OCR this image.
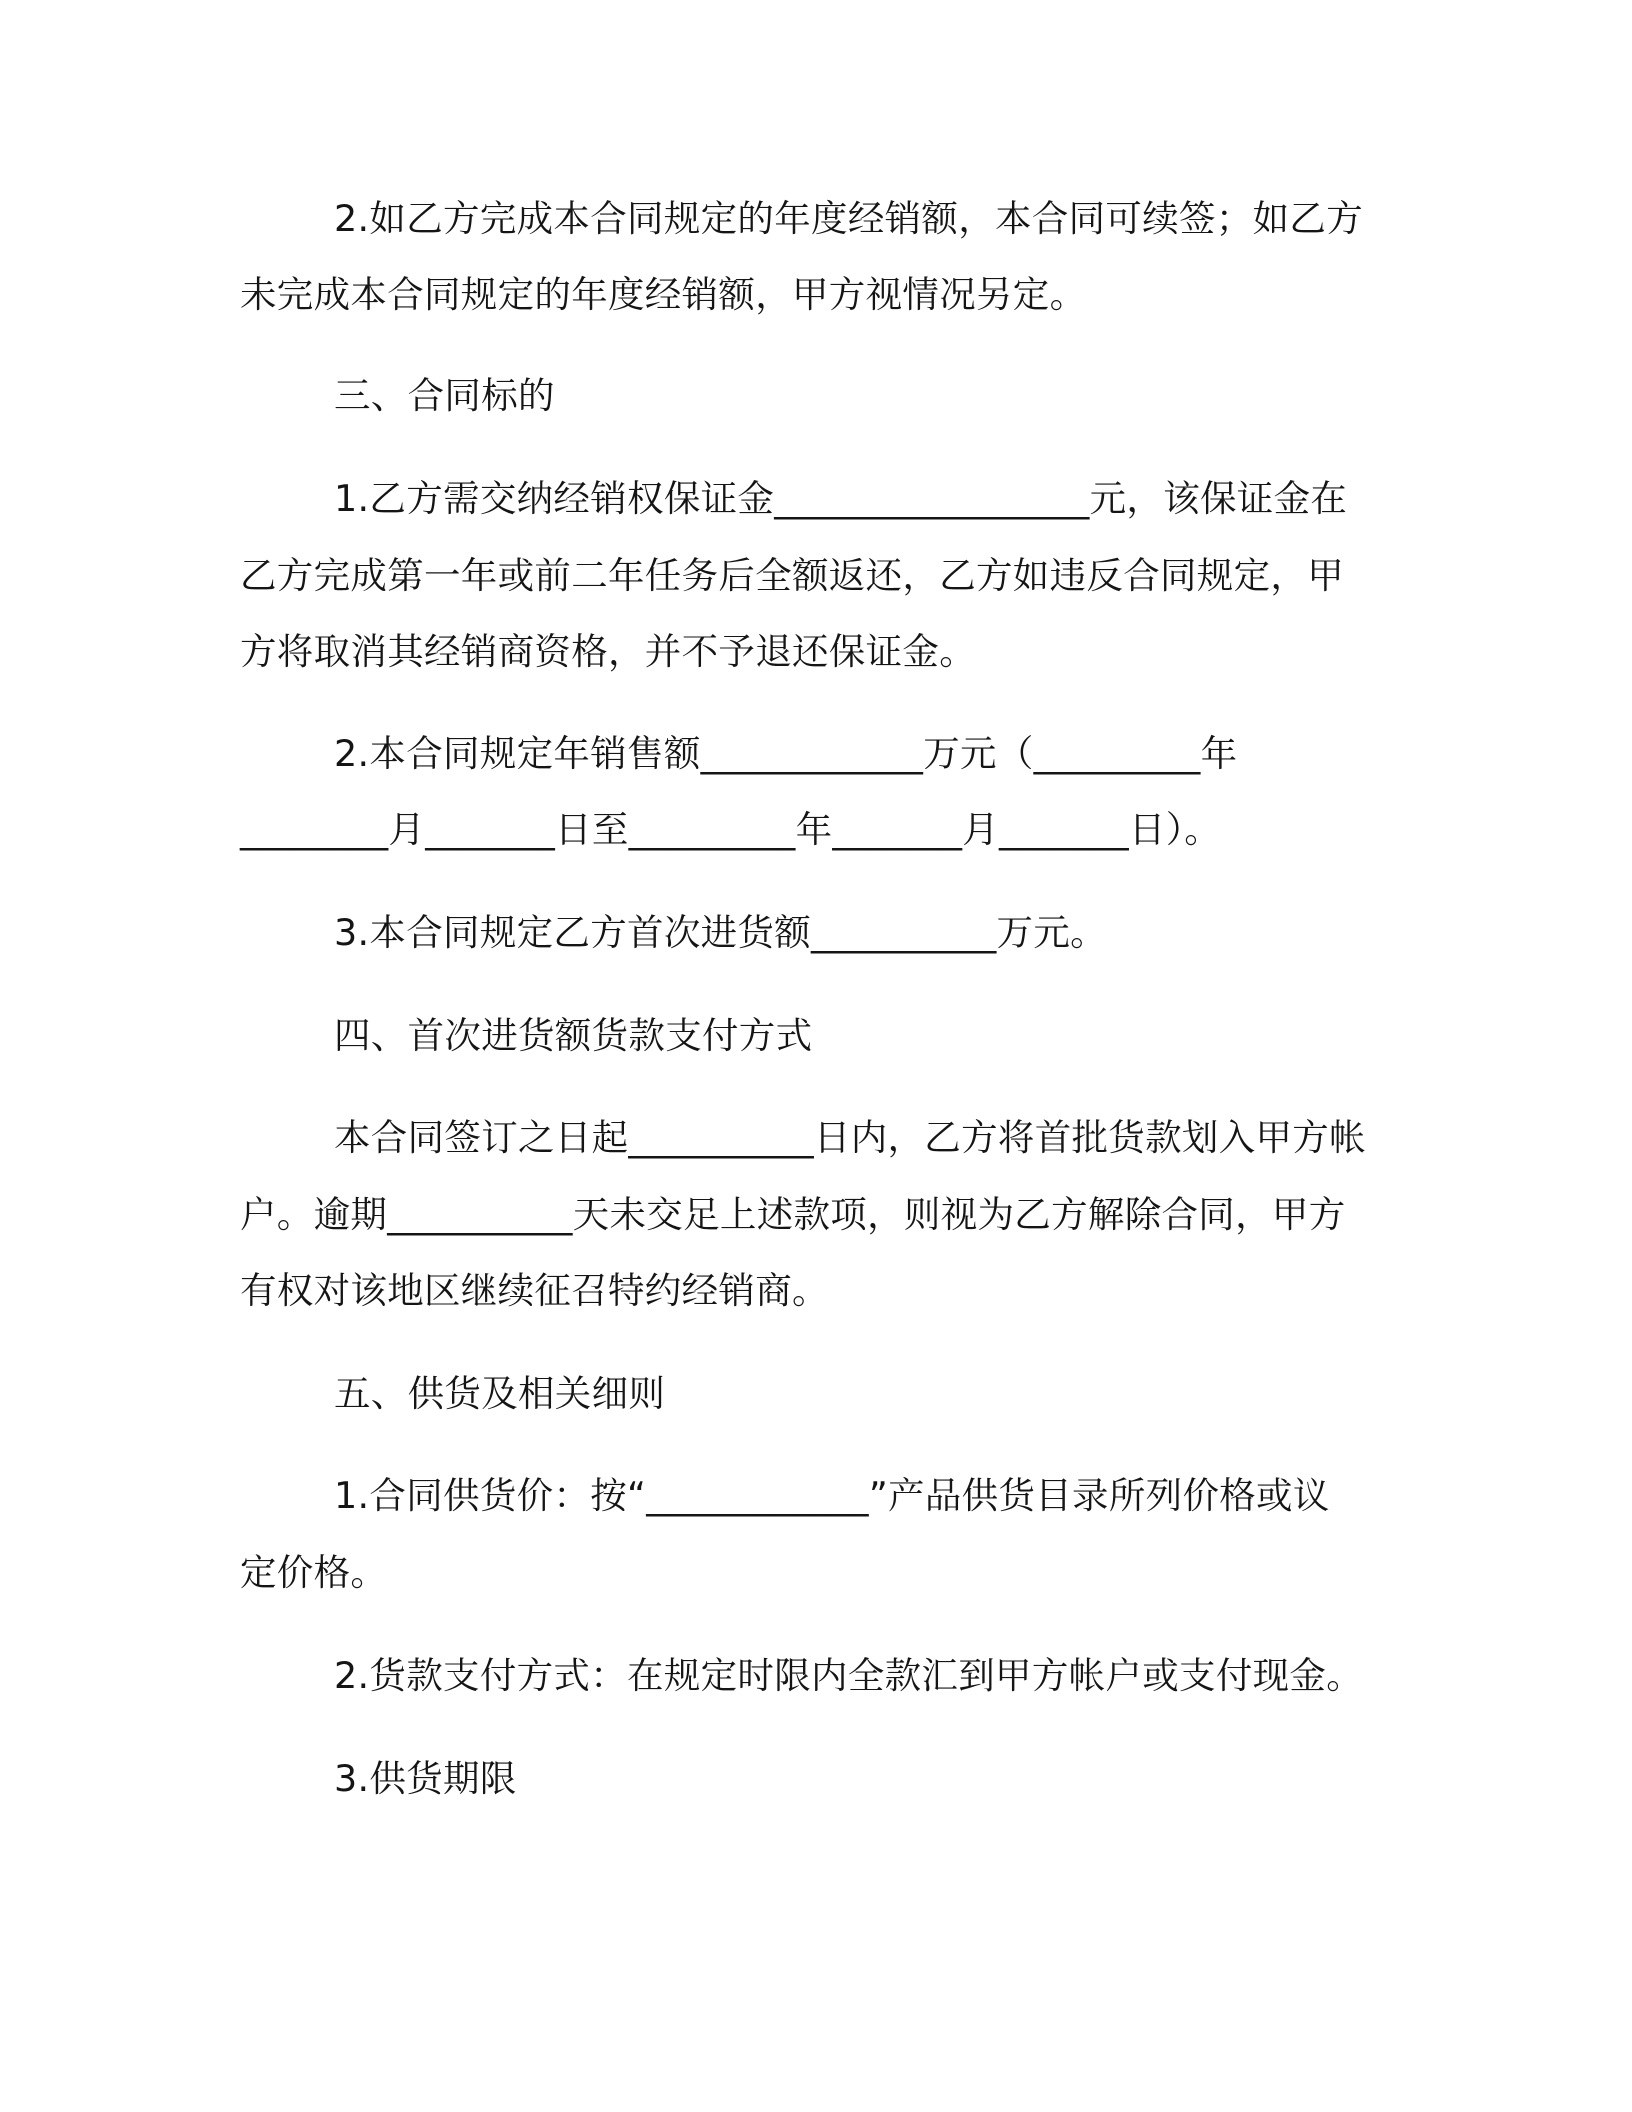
2.如乙方完成本合同规定的年度经销额，本合同可续签；如乙方

未完成本合同规定的年度经销额，甲方视情况另定。

三、合同标的

1.乙方需交纳经销权保证金_________________元，该保证金在

乙方完成第一年或前二年任务后全额返还，乙方如违反合同规定，甲

方将取消其经销商资格，并不予退还保证金。

2.本合同规定年销售额____________万元（_________年

________月_______日至_________年_______月_______日）。

3.本合同规定乙方首次进货额__________万元。

四、首次进货额货款支付方式

本合同签订之日起__________日内，乙方将首批货款划入甲方帐

户。逾期__________天未交足上述款项，则视为乙方解除合同，甲方

有权对该地区继续征召特约经销商。

五、供货及相关细则

1.合同供货价：按“____________”产品供货目录所列价格或议

定价格。

2.货款支付方式：在规定时限内全款汇到甲方帐户或支付现金。

3.供货期限
